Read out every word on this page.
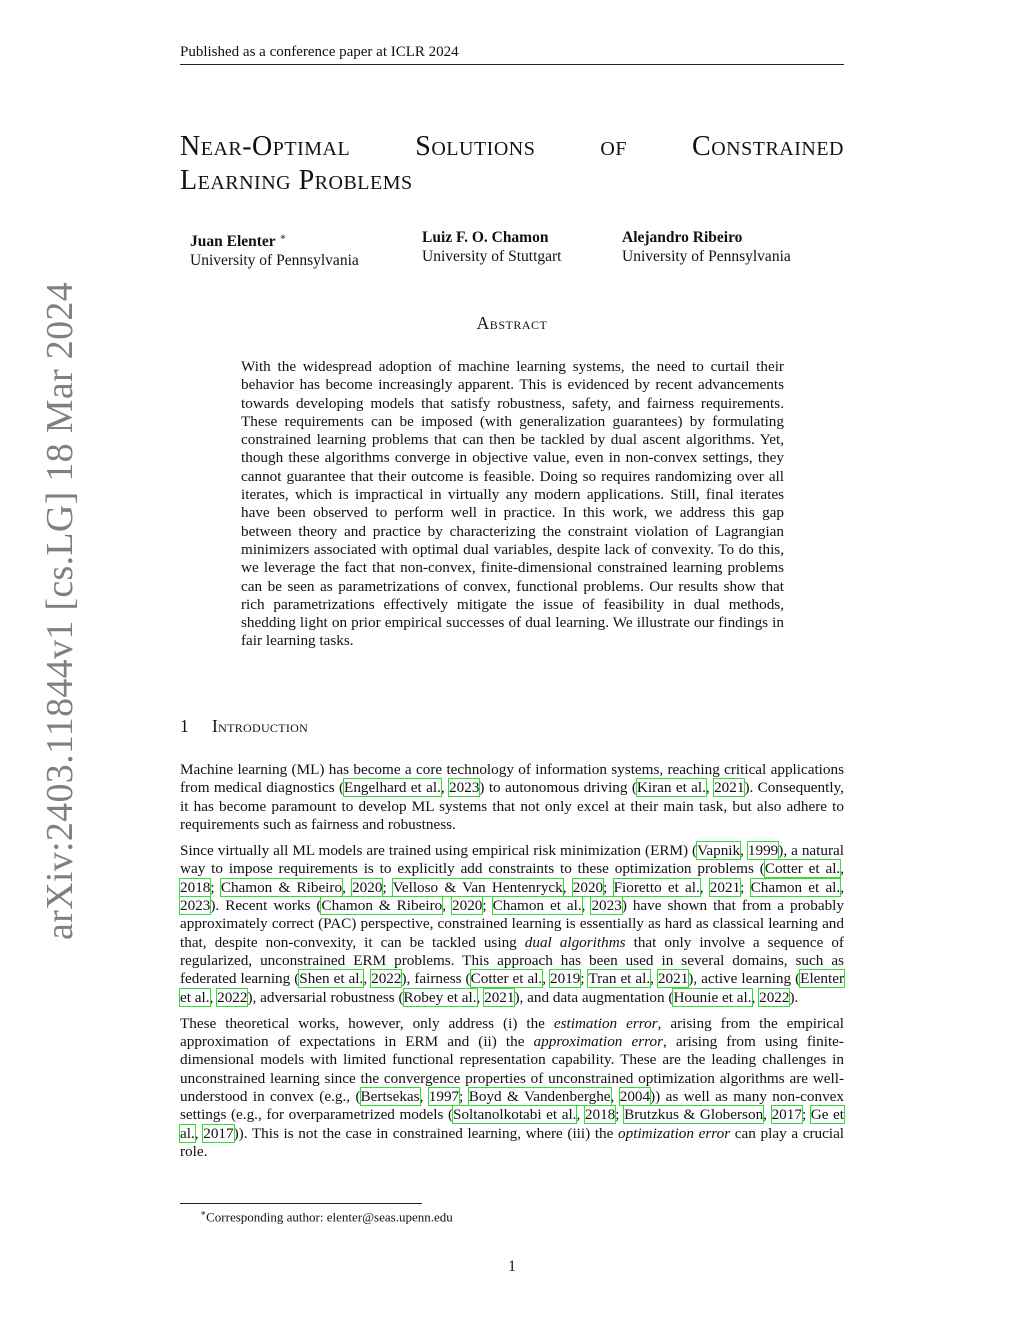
Published as a conference paper at ICLR 2024
arXiv:2403.11844v1 [cs.LG] 18 Mar 2024
Near-Optimal Solutions of Constrained
Learning Problems
Juan Elenter ∗
University of Pennsylvania
Luiz F. O. Chamon
University of Stuttgart
Alejandro Ribeiro
University of Pennsylvania
Abstract
With the widespread adoption of machine learning systems, the need to curtail their behavior has become increasingly apparent. This is evidenced by recent advancements towards developing models that satisfy robustness, safety, and fairness requirements. These requirements can be imposed (with generalization guarantees) by formulating constrained learning problems that can then be tackled by dual ascent algorithms. Yet, though these algorithms converge in objective value, even in non-convex settings, they cannot guarantee that their outcome is feasible. Doing so requires randomizing over all iterates, which is impractical in virtually any modern applications. Still, final iterates have been observed to perform well in practice. In this work, we address this gap between theory and practice by characterizing the constraint violation of Lagrangian minimizers associated with optimal dual variables, despite lack of convexity. To do this, we leverage the fact that non-convex, finite-dimensional constrained learning problems can be seen as parametrizations of convex, functional problems. Our results show that rich parametrizations effectively mitigate the issue of feasibility in dual methods, shedding light on prior empirical successes of dual learning. We illustrate our findings in fair learning tasks.
1 Introduction

Machine learning (ML) has become a core technology of information systems, reaching critical applications from medical diagnostics (Engelhard et al., 2023) to autonomous driving (Kiran et al., 2021). Consequently, it has become paramount to develop ML systems that not only excel at their main task, but also adhere to requirements such as fairness and robustness.

Since virtually all ML models are trained using empirical risk minimization (ERM) (Vapnik, 1999), a natural way to impose requirements is to explicitly add constraints to these optimization problems (Cotter et al., 2018; Chamon & Ribeiro, 2020; Velloso & Van Hentenryck, 2020; Fioretto et al., 2021; Chamon et al., 2023). Recent works (Chamon & Ribeiro, 2020; Chamon et al., 2023) have shown that from a probably approximately correct (PAC) perspective, constrained learning is essentially as hard as classical learning and that, despite non-convexity, it can be tackled using dual algorithms that only involve a sequence of regularized, unconstrained ERM problems. This approach has been used in several domains, such as federated learning (Shen et al., 2022), fairness (Cotter et al., 2019; Tran et al., 2021), active learning (Elenter et al., 2022), adversarial robustness (Robey et al., 2021), and data augmentation (Hounie et al., 2022).

These theoretical works, however, only address (i) the estimation error, arising from the empirical approximation of expectations in ERM and (ii) the approximation error, arising from using finite-dimensional models with limited functional representation capability. These are the leading challenges in unconstrained learning since the convergence properties of unconstrained optimization algorithms are well-understood in convex (e.g., (Bertsekas, 1997; Boyd & Vandenberghe, 2004)) as well as many non-convex settings (e.g., for overparametrized models (Soltanolkotabi et al., 2018; Brutzkus & Globerson, 2017; Ge et al., 2017)). This is not the case in constrained learning, where (iii) the optimization error can play a crucial role.

∗Corresponding author: elenter@seas.upenn.edu
1
